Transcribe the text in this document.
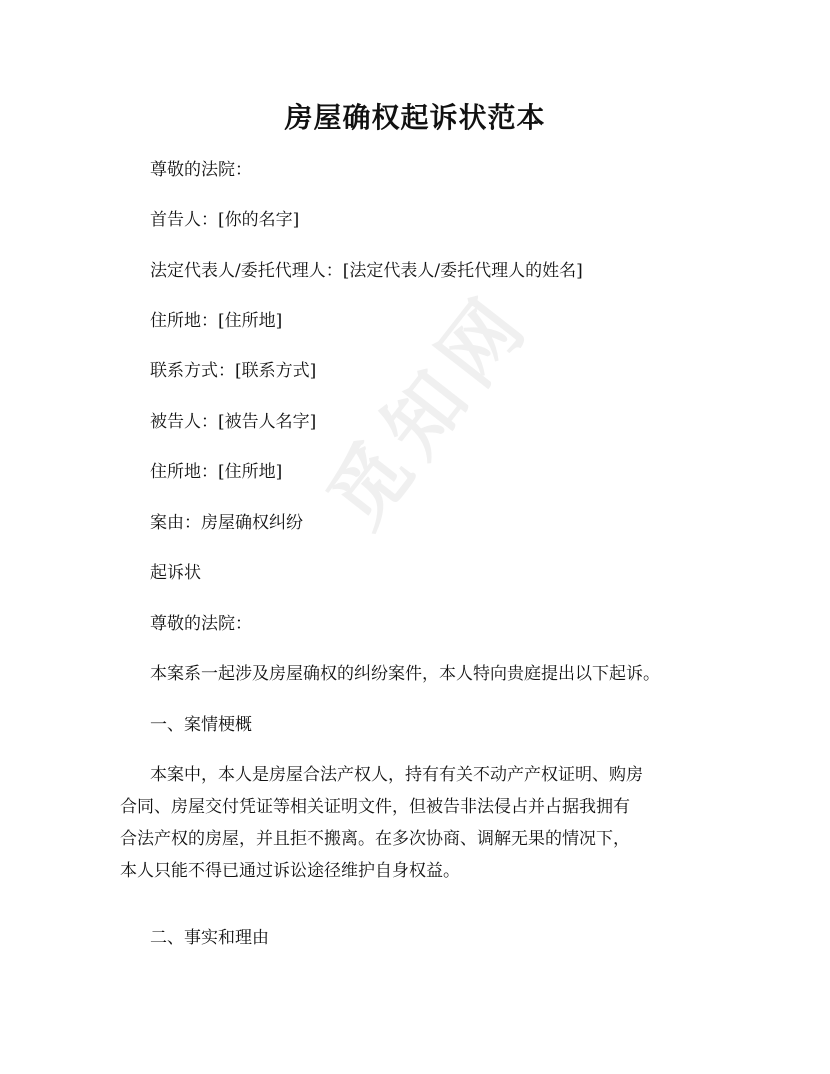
觅知网
房屋确权起诉状范本
尊敬的法院：
首告人：[你的名字]
法定代表人/委托代理人：[法定代表人/委托代理人的姓名]
住所地：[住所地]
联系方式：[联系方式]
被告人：[被告人名字]
住所地：[住所地]
案由：房屋确权纠纷
起诉状
尊敬的法院：
本案系一起涉及房屋确权的纠纷案件，本人特向贵庭提出以下起诉。
一、案情梗概
本案中，本人是房屋合法产权人，持有有关不动产产权证明、购房
合同、房屋交付凭证等相关证明文件，但被告非法侵占并占据我拥有
合法产权的房屋，并且拒不搬离。在多次协商、调解无果的情况下，
本人只能不得已通过诉讼途径维护自身权益。
二、事实和理由
